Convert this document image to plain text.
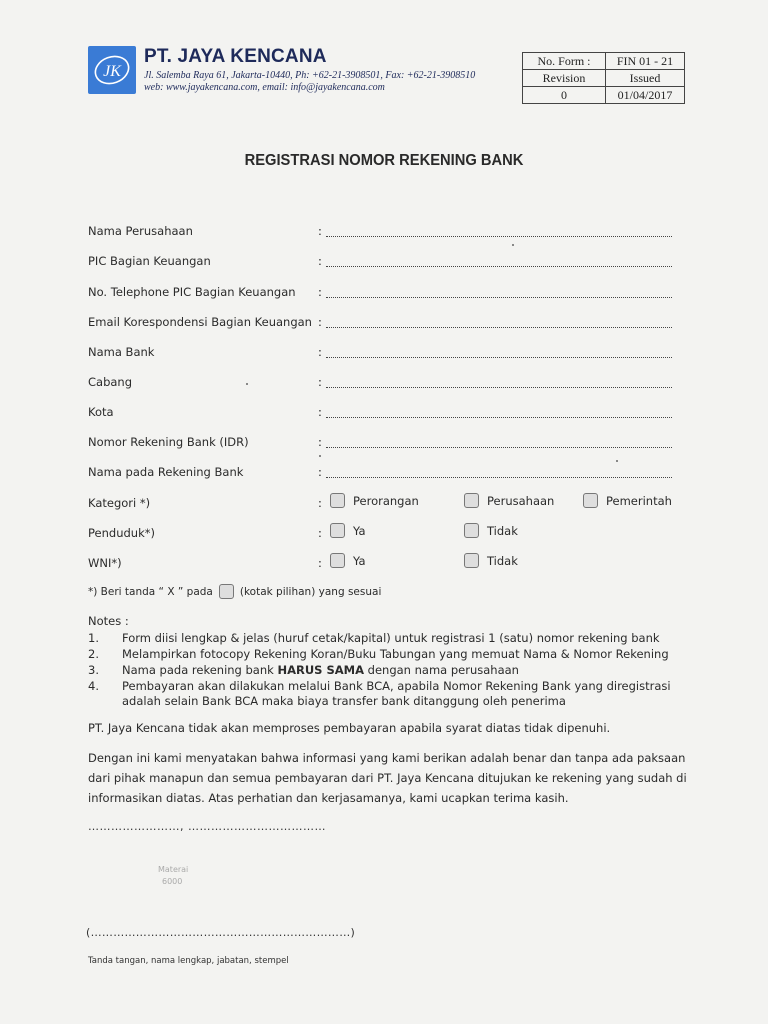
JK
PT. JAYA KENCANA
Jl. Salemba Raya 61, Jakarta-10440, Ph: +62-21-3908501, Fax: +62-21-3908510
web: www.jayakencana.com, email: info@jayakencana.com
No. Form :	FIN 01 - 21
Revision	Issued
0	01/04/2017
REGISTRASI NOMOR REKENING BANK
Nama Perusahaan	:
PIC Bagian Keuangan	:
No. Telephone PIC Bagian Keuangan :
Email Korespondensi Bagian Keuangan :
Nama Bank	:
Cabang	:
Kota	:
Nomor Rekening Bank (IDR)	:
Nama pada Rekening Bank	:
Kategori *)	:	Perorangan	Perusahaan	Pemerintah
Penduduk*)	:	Ya	Tidak
WNI*)	:	Ya	Tidak
*) Beri tanda “ X ” pada	(kotak pilihan) yang sesuai
Notes :
1. Form diisi lengkap & jelas (huruf cetak/kapital) untuk registrasi 1 (satu) nomor rekening bank
2. Melampirkan fotocopy Rekening Koran/Buku Tabungan yang memuat Nama & Nomor Rekening
3. Nama pada rekening bank HARUS SAMA dengan nama perusahaan
4. Pembayaran akan dilakukan melalui Bank BCA, apabila Nomor Rekening Bank yang diregistrasi adalah selain Bank BCA maka biaya transfer bank ditanggung oleh penerima
PT. Jaya Kencana tidak akan memproses pembayaran apabila syarat diatas tidak dipenuhi.
Dengan ini kami menyatakan bahwa informasi yang kami berikan adalah benar dan tanpa ada paksaan dari pihak manapun dan semua pembayaran dari PT. Jaya Kencana ditujukan ke rekening yang sudah di informasikan diatas. Atas perhatian dan kerjasamanya, kami ucapkan terima kasih.
……………………, ………………………………
Materai
6000
(……………………………………………………………)
Tanda tangan, nama lengkap, jabatan, stempel
